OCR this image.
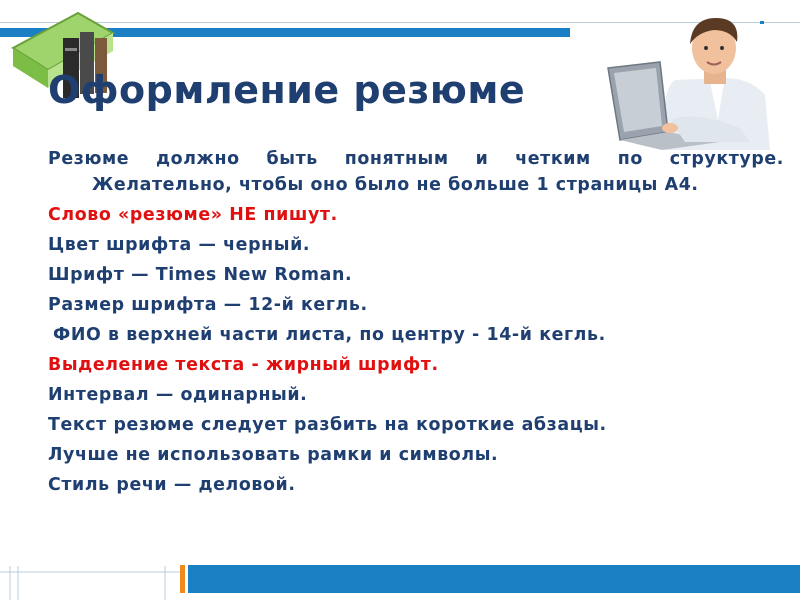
Оформление резюме
Резюме должно быть понятным и четким по структуре. Желательно, чтобы оно было не больше 1 страницы А4.
Слово «резюме» НЕ пишут.
Цвет шрифта — черный.
Шрифт — Times New Roman.
Размер шрифта — 12-й кегль.
ФИО в верхней части листа, по центру - 14-й кегль.
Выделение текста - жирный шрифт.
Интервал — одинарный.
Текст резюме следует разбить на короткие абзацы.
Лучше не использовать рамки и символы.
Стиль речи — деловой.
